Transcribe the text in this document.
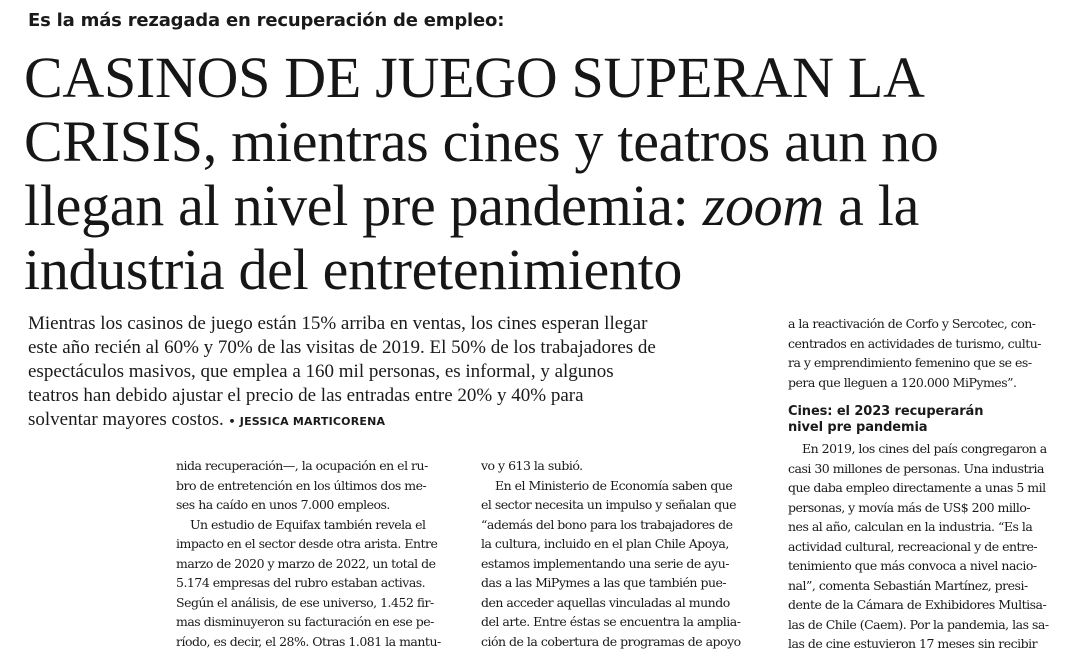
Es la más rezagada en recuperación de empleo:
CASINOS DE JUEGO SUPERAN LA
CRISIS, mientras cines y teatros aun no
llegan al nivel pre pandemia: zoom a la
industria del entretenimiento
Mientras los casinos de juego están 15% arriba en ventas, los cines esperan llegar
este año recién al 60% y 70% de las visitas de 2019. El 50% de los trabajadores de
espectáculos masivos, que emplea a 160 mil personas, es informal, y algunos
teatros han debido ajustar el precio de las entradas entre 20% y 40% para
solventar mayores costos. • JESSICA MARTICORENA
nida recuperación—, la ocupación en el ru-
bro de entretención en los últimos dos me-
ses ha caído en unos 7.000 empleos.
Un estudio de Equifax también revela el
impacto en el sector desde otra arista. Entre
marzo de 2020 y marzo de 2022, un total de
5.174 empresas del rubro estaban activas.
Según el análisis, de ese universo, 1.452 fir-
mas disminuyeron su facturación en ese pe-
ríodo, es decir, el 28%. Otras 1.081 la mantu-
vo y 613 la subió.
En el Ministerio de Economía saben que
el sector necesita un impulso y señalan que
“además del bono para los trabajadores de
la cultura, incluido en el plan Chile Apoya,
estamos implementando una serie de ayu-
das a las MiPymes a las que también pue-
den acceder aquellas vinculadas al mundo
del arte. Entre éstas se encuentra la amplia-
ción de la cobertura de programas de apoyo
a la reactivación de Corfo y Sercotec, con-
centrados en actividades de turismo, cultu-
ra y emprendimiento femenino que se es-
pera que lleguen a 120.000 MiPymes”.
Cines: el 2023 recuperarán
nivel pre pandemia
En 2019, los cines del país congregaron a
casi 30 millones de personas. Una industria
que daba empleo directamente a unas 5 mil
personas, y movía más de US$ 200 millo-
nes al año, calculan en la industria. “Es la
actividad cultural, recreacional y de entre-
tenimiento que más convoca a nivel nacio-
nal”, comenta Sebastián Martínez, presi-
dente de la Cámara de Exhibidores Multisa-
las de Chile (Caem). Por la pandemia, las sa-
las de cine estuvieron 17 meses sin recibir
